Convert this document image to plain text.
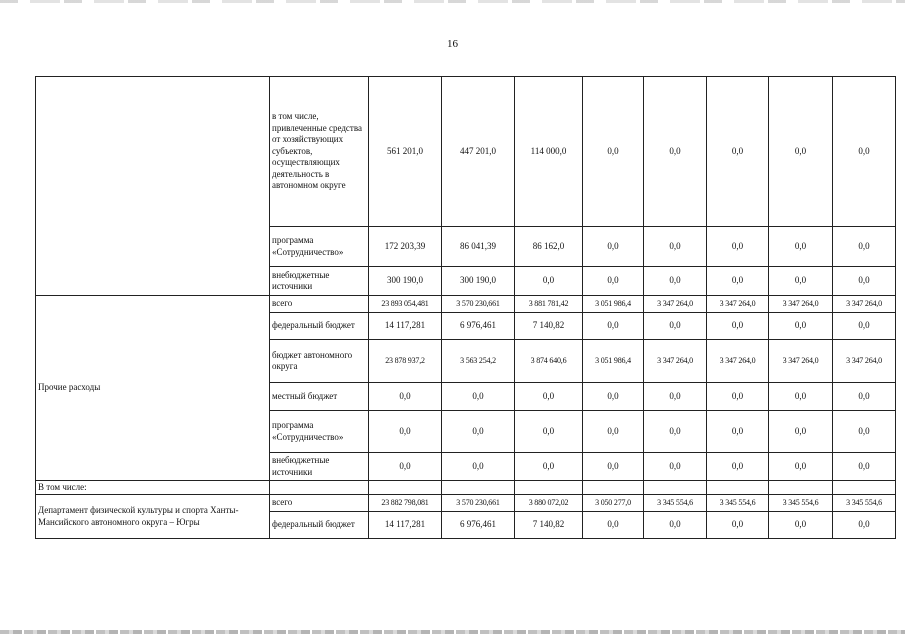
16
	в том числе, привлеченные средства от хозяйствующих субъектов, осуществляющих деятельность в автономном округе	561 201,0	447 201,0	114 000,0	0,0	0,0	0,0	0,0	0,0
	программа «Сотрудничество»	172 203,39	86 041,39	86 162,0	0,0	0,0	0,0	0,0	0,0
	внебюджетные источники	300 190,0	300 190,0	0,0	0,0	0,0	0,0	0,0	0,0
Прочие расходы	всего	23 893 054,481	3 570 230,661	3 881 781,42	3 051 986,4	3 347 264,0	3 347 264,0	3 347 264,0	3 347 264,0
	федеральный бюджет	14 117,281	6 976,461	7 140,82	0,0	0,0	0,0	0,0	0,0
	бюджет автономного округа	23 878 937,2	3 563 254,2	3 874 640,6	3 051 986,4	3 347 264,0	3 347 264,0	3 347 264,0	3 347 264,0
	местный бюджет	0,0	0,0	0,0	0,0	0,0	0,0	0,0	0,0
	программа «Сотрудничество»	0,0	0,0	0,0	0,0	0,0	0,0	0,0	0,0
	внебюджетные источники	0,0	0,0	0,0	0,0	0,0	0,0	0,0	0,0
В том числе:									
Департамент физической культуры и спорта Ханты-Мансийского автономного округа – Югры	всего	23 882 798,081	3 570 230,661	3 880 072,02	3 050 277,0	3 345 554,6	3 345 554,6	3 345 554,6	3 345 554,6
	федеральный бюджет	14 117,281	6 976,461	7 140,82	0,0	0,0	0,0	0,0	0,0
